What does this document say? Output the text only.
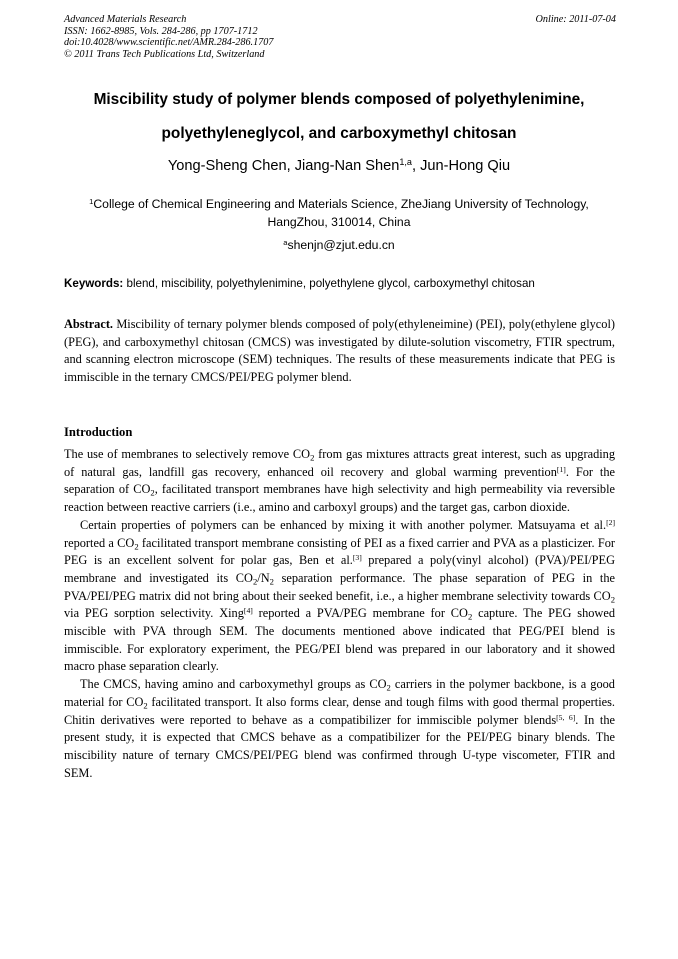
Advanced Materials Research
ISSN: 1662-8985, Vols. 284-286, pp 1707-1712
doi:10.4028/www.scientific.net/AMR.284-286.1707
© 2011 Trans Tech Publications Ltd, Switzerland
Online: 2011-07-04
Miscibility study of polymer blends composed of polyethylenimine,
polyethyleneglycol, and carboxymethyl chitosan
Yong-Sheng Chen, Jiang-Nan Shen$^{1,a}$, Jun-Hong Qiu
$^1$College of Chemical Engineering and Materials Science, ZheJiang University of Technology,
HangZhou, 310014, China
$^a$shenjn@zjut.edu.cn
Keywords: blend, miscibility, polyethylenimine, polyethylene glycol, carboxymethyl chitosan

Abstract. Miscibility of ternary polymer blends composed of poly(ethyleneimine) (PEI), poly(ethylene glycol) (PEG), and carboxymethyl chitosan (CMCS) was investigated by dilute-solution viscometry, FTIR spectrum, and scanning electron microscope (SEM) techniques. The results of these measurements indicate that PEG is immiscible in the ternary CMCS/PEI/PEG polymer blend.

Introduction

The use of membranes to selectively remove $CO_2$ from gas mixtures attracts great interest, such as upgrading of natural gas, landfill gas recovery, enhanced oil recovery and global warming prevention[1]. For the separation of $CO_2$, facilitated transport membranes have high selectivity and high permeability via reversible reaction between reactive carriers (i.e., amino and carboxyl groups) and the target gas, carbon dioxide.

Certain properties of polymers can be enhanced by mixing it with another polymer. Matsuyama et al.[2] reported a $CO_2$ facilitated transport membrane consisting of PEI as a fixed carrier and PVA as a plasticizer. For PEG is an excellent solvent for polar gas, Ben et al.[3] prepared a poly(vinyl alcohol) (PVA)/PEI/PEG membrane and investigated its $CO_2/N_2$ separation performance. The phase separation of PEG in the PVA/PEI/PEG matrix did not bring about their seeked benefit, i.e., a higher membrane selectivity towards $CO_2$ via PEG sorption selectivity. Xing[4] reported a PVA/PEG membrane for $CO_2$ capture. The PEG showed miscible with PVA through SEM. The documents mentioned above indicated that PEG/PEI blend is immiscible. For exploratory experiment, the PEG/PEI blend was prepared in our laboratory and it showed macro phase separation clearly.

The CMCS, having amino and carboxymethyl groups as $CO_2$ carriers in the polymer backbone, is a good material for $CO_2$ facilitated transport. It also forms clear, dense and tough films with good thermal properties. Chitin derivatives were reported to behave as a compatibilizer for immiscible polymer blends[5, 6]. In the present study, it is expected that CMCS behave as a compatibilizer for the PEI/PEG binary blends. The miscibility nature of ternary CMCS/PEI/PEG blend was confirmed through U-type viscometer, FTIR and SEM.
